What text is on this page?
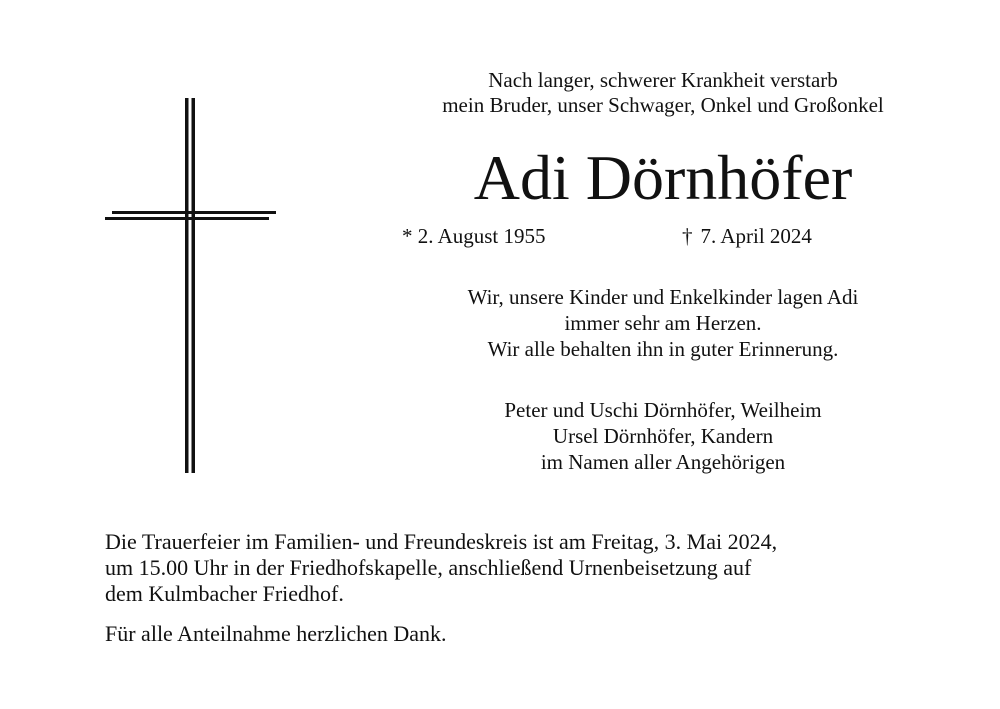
Nach langer, schwerer Krankheit verstarb
mein Bruder, unser Schwager, Onkel und Großonkel
Adi Dörnhöfer
* 2. August 1955	† 7. April 2024
Wir, unsere Kinder und Enkelkinder lagen Adi
immer sehr am Herzen.
Wir alle behalten ihn in guter Erinnerung.
Peter und Uschi Dörnhöfer, Weilheim
Ursel Dörnhöfer, Kandern
im Namen aller Angehörigen
Die Trauerfeier im Familien- und Freundeskreis ist am Freitag, 3. Mai 2024,
um 15.00 Uhr in der Friedhofskapelle, anschließend Urnenbeisetzung auf
dem Kulmbacher Friedhof.
Für alle Anteilnahme herzlichen Dank.
